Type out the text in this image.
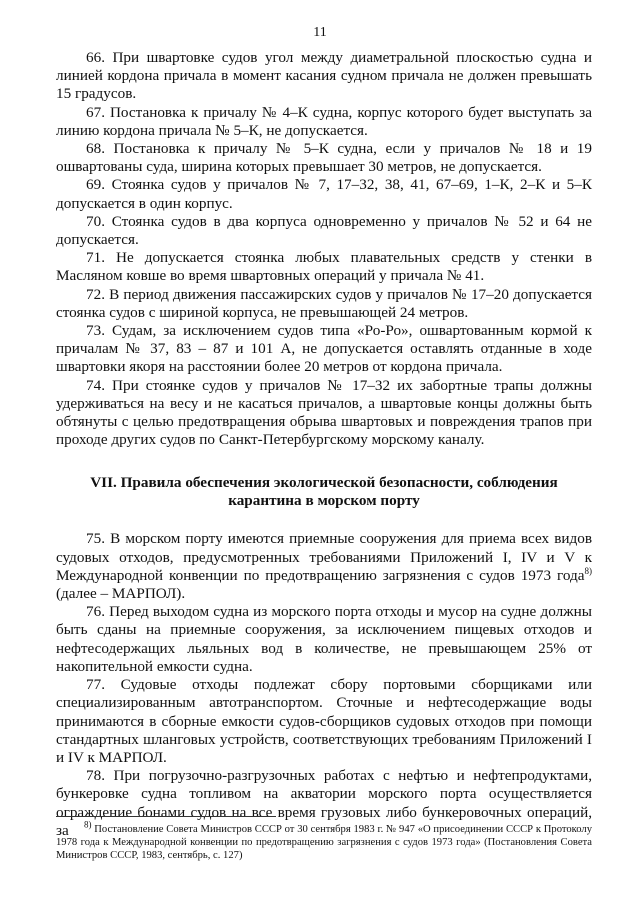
11

66. При швартовке судов угол между диаметральной плоскостью судна и линией кордона причала в момент касания судном причала не должен превышать 15 градусов.

67. Постановка к причалу № 4–К судна, корпус которого будет выступать за линию кордона причала № 5–К, не допускается.

68. Постановка к причалу № 5–К судна, если у причалов № 18 и 19 ошвартованы суда, ширина которых превышает 30 метров, не допускается.

69. Стоянка судов у причалов № 7, 17–32, 38, 41, 67–69, 1–К, 2–К и 5–К допускается в один корпус.

70. Стоянка судов в два корпуса одновременно у причалов № 52 и 64 не допускается.

71. Не допускается стоянка любых плавательных средств у стенки в Масляном ковше во время швартовных операций у причала № 41.

72. В период движения пассажирских судов у причалов № 17–20 допускается стоянка судов с шириной корпуса, не превышающей 24 метров.

73. Судам, за исключением судов типа «Ро-Ро», ошвартованным кормой к причалам № 37, 83 – 87 и 101 А, не допускается оставлять отданные в ходе швартовки якоря на расстоянии более 20 метров от кордона причала.

74. При стоянке судов у причалов № 17–32 их забортные трапы должны удерживаться на весу и не касаться причалов, а швартовые концы должны быть обтянуты с целью предотвращения обрыва швартовых и повреждения трапов при проходе других судов по Санкт-Петербургскому морскому каналу.

VII. Правила обеспечения экологической безопасности, соблюдения
карантина в морском порту

75. В морском порту имеются приемные сооружения для приема всех видов судовых отходов, предусмотренных требованиями Приложений I, IV и V к Международной конвенции по предотвращению загрязнения с судов 1973 года$^{8)}$ (далее – МАРПОЛ).

76. Перед выходом судна из морского порта отходы и мусор на судне должны быть сданы на приемные сооружения, за исключением пищевых отходов и нефтесодержащих льяльных вод в количестве, не превышающем 25% от накопительной емкости судна.

77. Судовые отходы подлежат сбору портовыми сборщиками или специализированным автотранспортом. Сточные и нефтесодержащие воды принимаются в сборные емкости судов-сборщиков судовых отходов при помощи стандартных шланговых устройств, соответствующих требованиям Приложений I и IV к МАРПОЛ.

78. При погрузочно-разгрузочных работах с нефтью и нефтепродуктами, бункеровке судна топливом на акватории морского порта осуществляется ограждение бонами судов на все время грузовых либо бункеровочных операций, за	$^{8)}$ Постановление Совета Министров СССР от 30 сентября 1983 г. № 947 «О присоединении СССР к Протоколу 1978 года к Международной конвенции по предотвращению загрязнения с судов 1973 года» (Постановления Совета Министров СССР, 1983, сентябрь, с. 127)
